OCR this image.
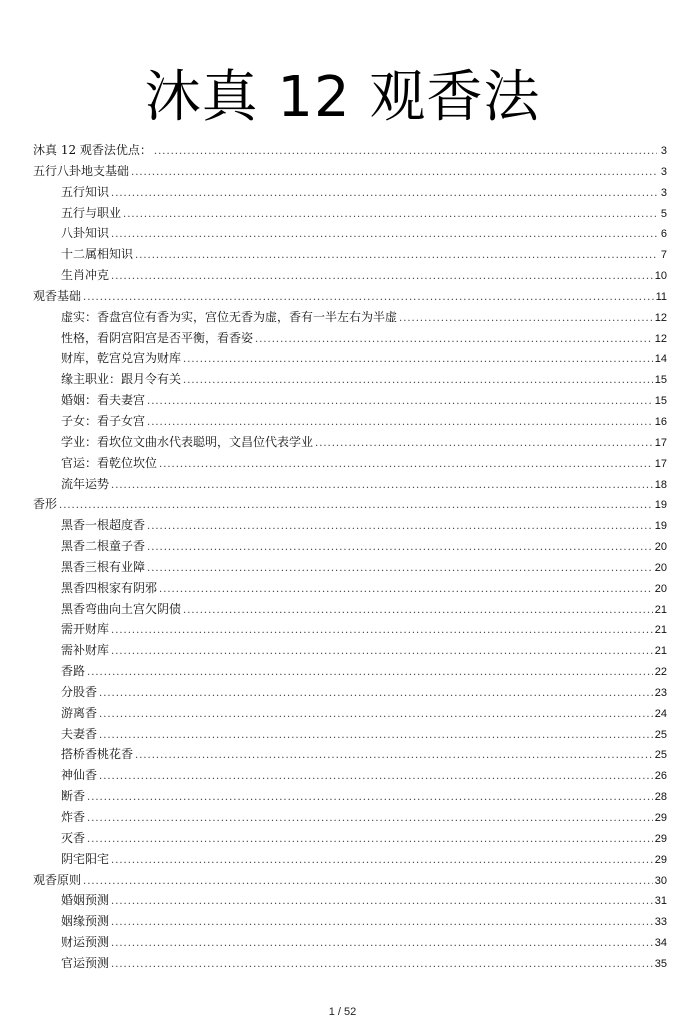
沐真 12 观香法
沐真 12 观香法优点： .....	3
五行八卦地支基础 .....	3
五行知识 .....	3
五行与职业 .....	5
八卦知识 .....	6
十二属相知识 .....	7
生肖冲克 .....	10
观香基础 .....	11
虚实：香盘宫位有香为实，宫位无香为虚，香有一半左右为半虚 .....	12
性格，看阴宫阳宫是否平衡，看香姿 .....	12
财库，乾宫兑宫为财库 .....	14
缘主职业：跟月令有关 .....	15
婚姻：看夫妻宫 .....	15
子女：看子女宫 .....	16
学业：看坎位文曲水代表聪明，文昌位代表学业 .....	17
官运：看乾位坎位 .....	17
流年运势 .....	18
香形 .....	19
黑香一根超度香 .....	19
黑香二根童子香 .....	20
黑香三根有业障 .....	20
黑香四根家有阴邪 .....	20
黑香弯曲向土宫欠阴债 .....	21
需开财库 .....	21
需补财库 .....	21
香路 .....	22
分股香 .....	23
游离香 .....	24
夫妻香 .....	25
搭桥香桃花香 .....	25
神仙香 .....	26
断香 .....	28
炸香 .....	29
灭香 .....	29
阴宅阳宅 .....	29
观香原则 .....	30
婚姻预测 .....	31
姻缘预测 .....	33
财运预测 .....	34
官运预测 .....	35
1 / 52
